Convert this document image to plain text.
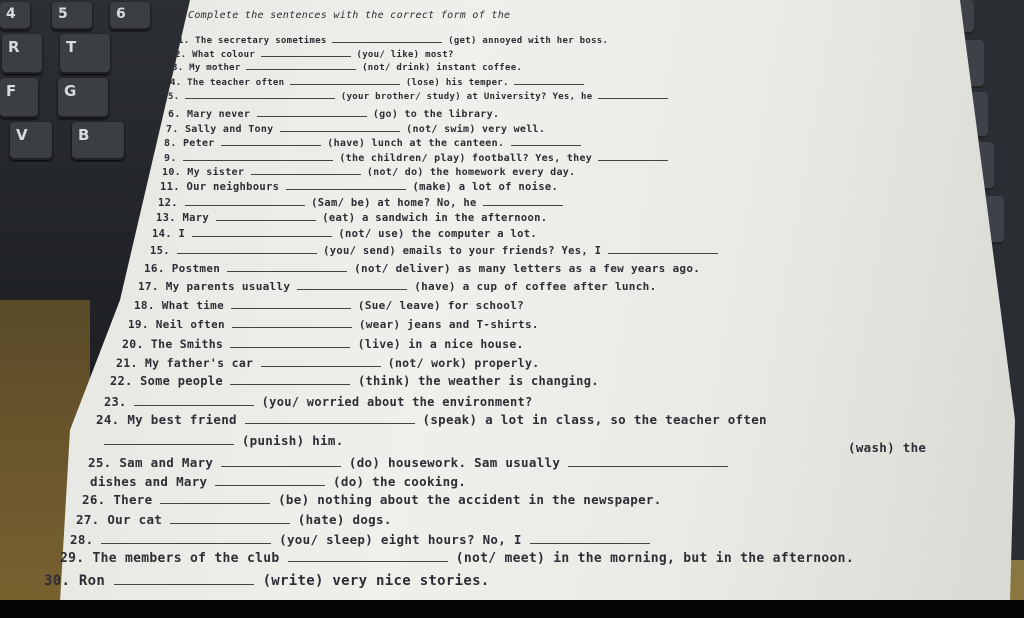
4	5	6
R	T
F	G
V	B

Complete the sentences with the correct form of the
1. The secretary sometimes	(get) annoyed with her boss.
2. What colour	(you/ like) most?
3. My mother	(not/ drink) instant coffee.
4. The teacher often	(lose) his temper.
5.	(your brother/ study) at University? Yes, he
6. Mary never	(go) to the library.
7. Sally and Tony	(not/ swim) very well.
8. Peter	(have) lunch at the canteen.
9.	(the children/ play) football? Yes, they
10. My sister	(not/ do) the homework every day.
11. Our neighbours	(make) a lot of noise.
12.	(Sam/ be) at home? No, he
13. Mary	(eat) a sandwich in the afternoon.
14. I	(not/ use) the computer a lot.
15.	(you/ send) emails to your friends? Yes, I
16. Postmen	(not/ deliver) as many letters as a few years ago.
17. My parents usually	(have) a cup of coffee after lunch.
18. What time	(Sue/ leave) for school?
19. Neil often	(wear) jeans and T-shirts.
20. The Smiths	(live) in a nice house.
21. My father's car	(not/ work) properly.
22. Some people	(think) the weather is changing.
23.	(you/ worried about the environment?
24. My best friend	(speak) a lot in class, so the teacher often
(punish) him.
25. Sam and Mary	(do) housework. Sam usually
(wash) the
dishes and Mary	(do) the cooking.
26. There	(be) nothing about the accident in the newspaper.
27. Our cat	(hate) dogs.
28.	(you/ sleep) eight hours? No, I
29. The members of the club	(not/ meet) in the morning, but in the afternoon.
30. Ron	(write) very nice stories.
